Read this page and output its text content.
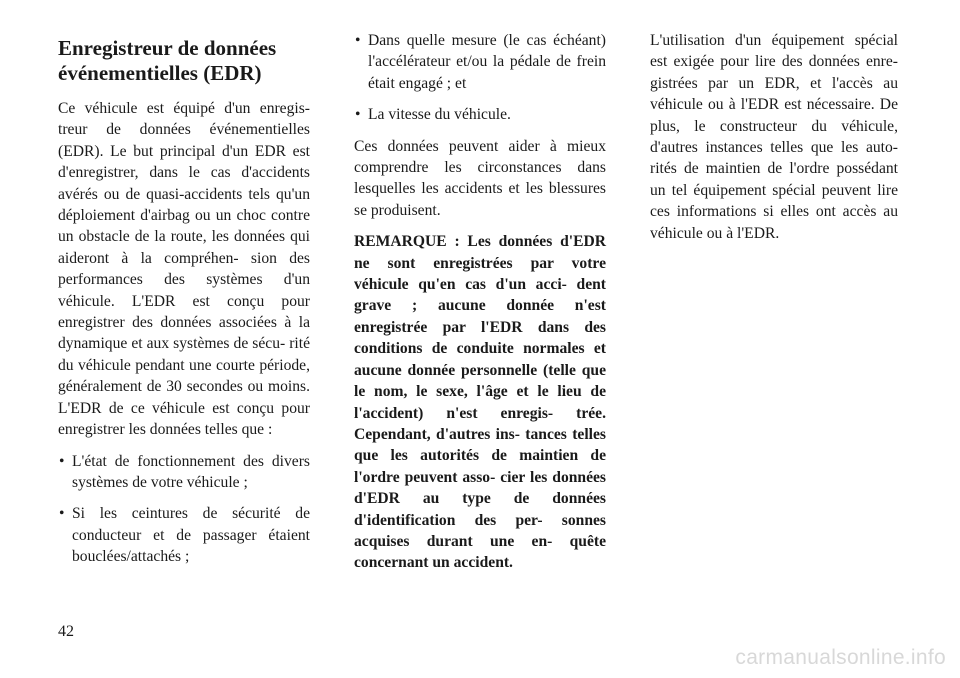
Enregistreur de données
événementielles (EDR)

Ce véhicule est équipé d'un enregis- treur de données événementielles (EDR). Le but principal d'un EDR est d'enregistrer, dans le cas d'accidents avérés ou de quasi-accidents tels qu'un déploiement d'airbag ou un choc contre un obstacle de la route, les données qui aideront à la compréhen- sion des performances des systèmes d'un véhicule. L'EDR est conçu pour enregistrer des données associées à la dynamique et aux systèmes de sécu- rité du véhicule pendant une courte période, généralement de 30 secondes ou moins. L'EDR de ce véhicule est conçu pour enregistrer les données telles que :

• L'état de fonctionnement des divers systèmes de votre véhicule ;
• Si les ceintures de sécurité de conducteur et de passager étaient bouclées/attachés ;
• Dans quelle mesure (le cas échéant) l'accélérateur et/ou la pédale de frein était engagé ; et
• La vitesse du véhicule.

Ces données peuvent aider à mieux comprendre les circonstances dans lesquelles les accidents et les blessures se produisent.

REMARQUE : Les données d'EDR ne sont enregistrées par votre véhicule qu'en cas d'un acci- dent grave ; aucune donnée n'est enregistrée par l'EDR dans des conditions de conduite normales et aucune donnée personnelle (telle que le nom, le sexe, l'âge et le lieu de l'accident) n'est enregis- trée. Cependant, d'autres ins- tances telles que les autorités de maintien de l'ordre peuvent asso- cier les données d'EDR au type de données d'identification des per- sonnes acquises durant une en- quête concernant un accident.

L'utilisation d'un équipement spécial est exigée pour lire des données enre- gistrées par un EDR, et l'accès au véhicule ou à l'EDR est nécessaire. De plus, le constructeur du véhicule, d'autres instances telles que les auto- rités de maintien de l'ordre possédant un tel équipement spécial peuvent lire ces informations si elles ont accès au véhicule ou à l'EDR.

42
carmanualsonline.info
